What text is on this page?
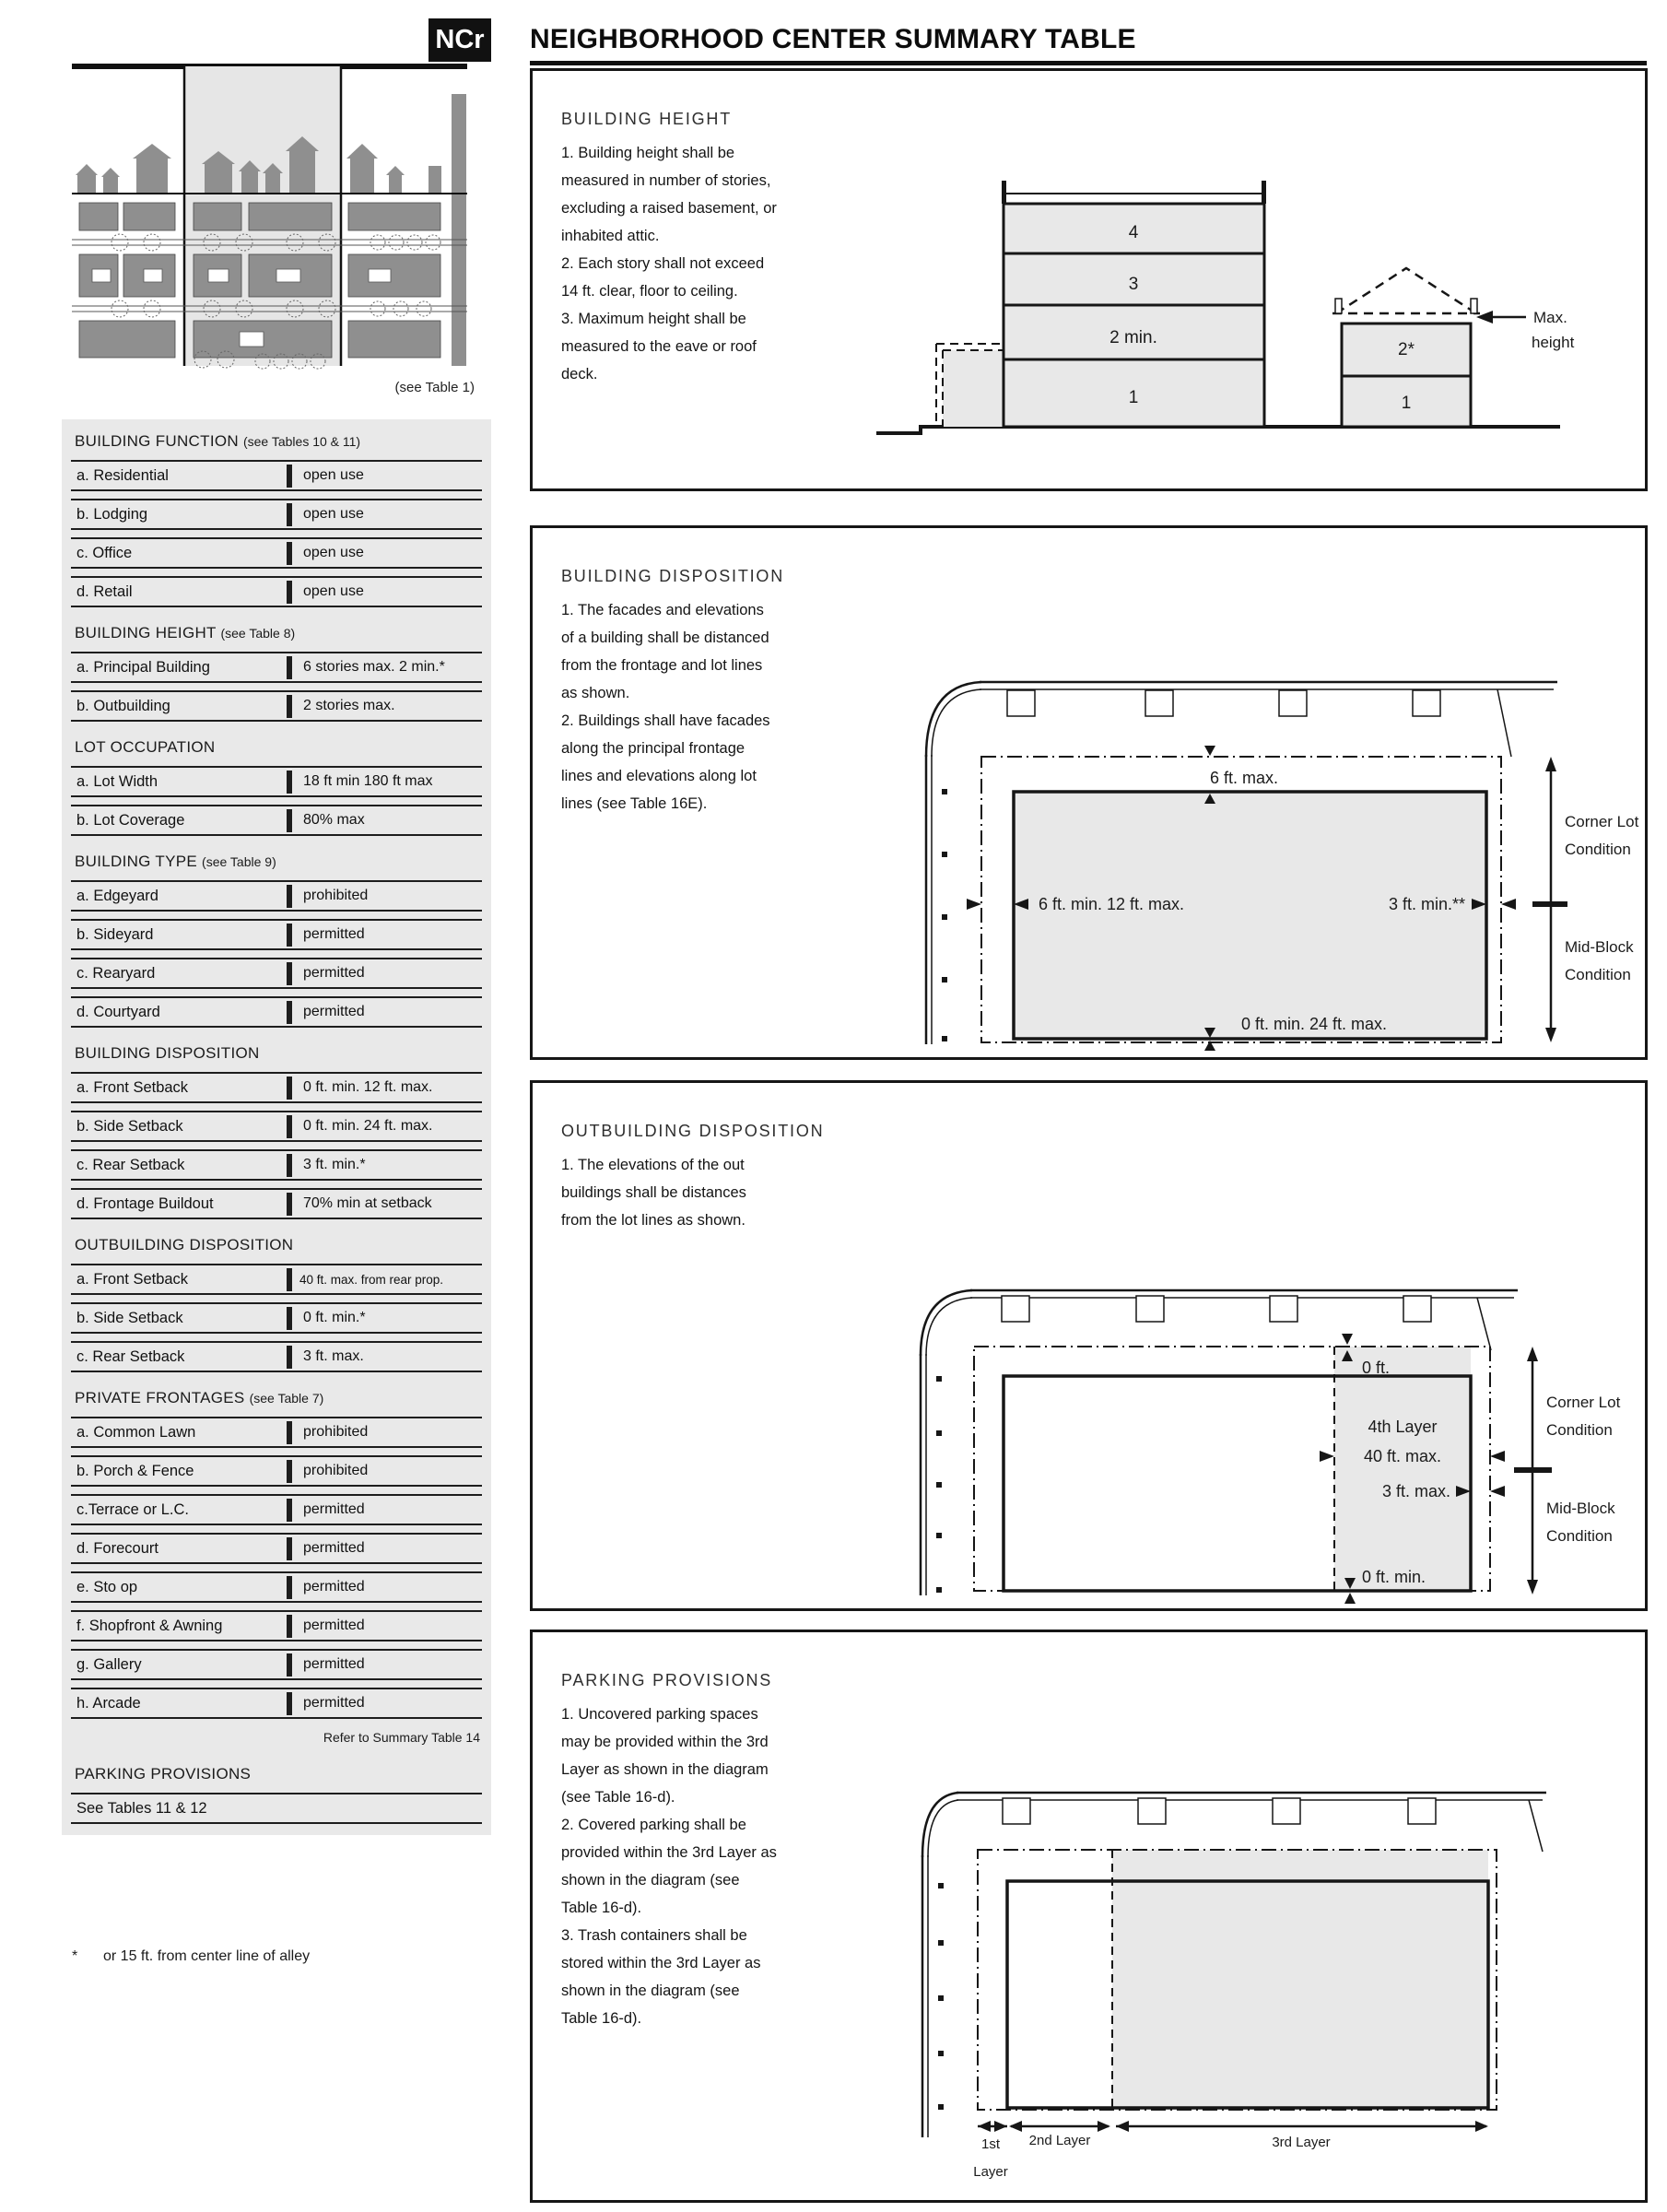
NCr NEIGHBORHOOD CENTER SUMMARY TABLE
(see Table 1)
BUILDING FUNCTION (see Tables 10 & 11)
a. Residential	open use
b. Lodging	open use
c. Office	open use
d. Retail	open use
BUILDING HEIGHT (see Table 8)
a. Principal Building	6 stories max. 2 min.*
b. Outbuilding	2 stories max.
LOT OCCUPATION
a. Lot Width	18 ft min 180 ft max
b. Lot Coverage	80% max
BUILDING TYPE (see Table 9)
a. Edgeyard	prohibited
b. Sideyard	permitted
c. Rearyard	permitted
d. Courtyard	permitted
BUILDING DISPOSITION
a. Front Setback	0 ft. min. 12 ft. max.
b. Side Setback	0 ft. min. 24 ft. max.
c. Rear Setback	3 ft. min.*
d. Frontage Buildout	70% min at setback
OUTBUILDING DISPOSITION
a. Front Setback	40 ft. max. from rear prop.
b. Side Setback	0 ft. min.*
c. Rear Setback	3 ft. max.
PRIVATE FRONTAGES (see Table 7)
a. Common Lawn	prohibited
b. Porch & Fence	prohibited
c.Terrace or L.C.	permitted
d. Forecourt	permitted
e. Sto op	permitted
f. Shopfront & Awning	permitted
g. Gallery	permitted
h. Arcade	permitted
Refer to Summary Table 14
PARKING PROVISIONS
See Tables 11 & 12
* or 15 ft. from center line of alley
BUILDING HEIGHT

1. Building height shall be measured in number of stories, excluding a raised basement, or inhabited attic.

2. Each story shall not exceed 14 ft. clear, floor to ceiling.

3. Maximum height shall be measured to the eave or roof deck.

4
3
2 min.
1
2*
1
Max.
height
BUILDING DISPOSITION

1. The facades and elevations of a building shall be distanced from the frontage and lot lines as shown.

2. Buildings shall have facades along the principal frontage lines and elevations along lot lines (see Table 16E).

6 ft. max.
6 ft. min. 12 ft. max.	3 ft. min.**
0 ft. min. 24 ft. max.
Corner Lot
Condition
Mid-Block
Condition
OUTBUILDING DISPOSITION

1. The elevations of the out buildings shall be distances from the lot lines as shown.

0 ft.
4th Layer
40 ft. max.
3 ft. max.
0 ft. min.
Corner Lot
Condition
Mid-Block
Condition
PARKING PROVISIONS

1. Uncovered parking spaces may be provided within the 3rd Layer as shown in the diagram (see Table 16-d).

2. Covered parking shall be provided within the 3rd Layer as shown in the diagram (see Table 16-d).

3. Trash containers shall be stored within the 3rd Layer as shown in the diagram (see Table 16-d).

1st
Layer
2nd Layer	3rd Layer
